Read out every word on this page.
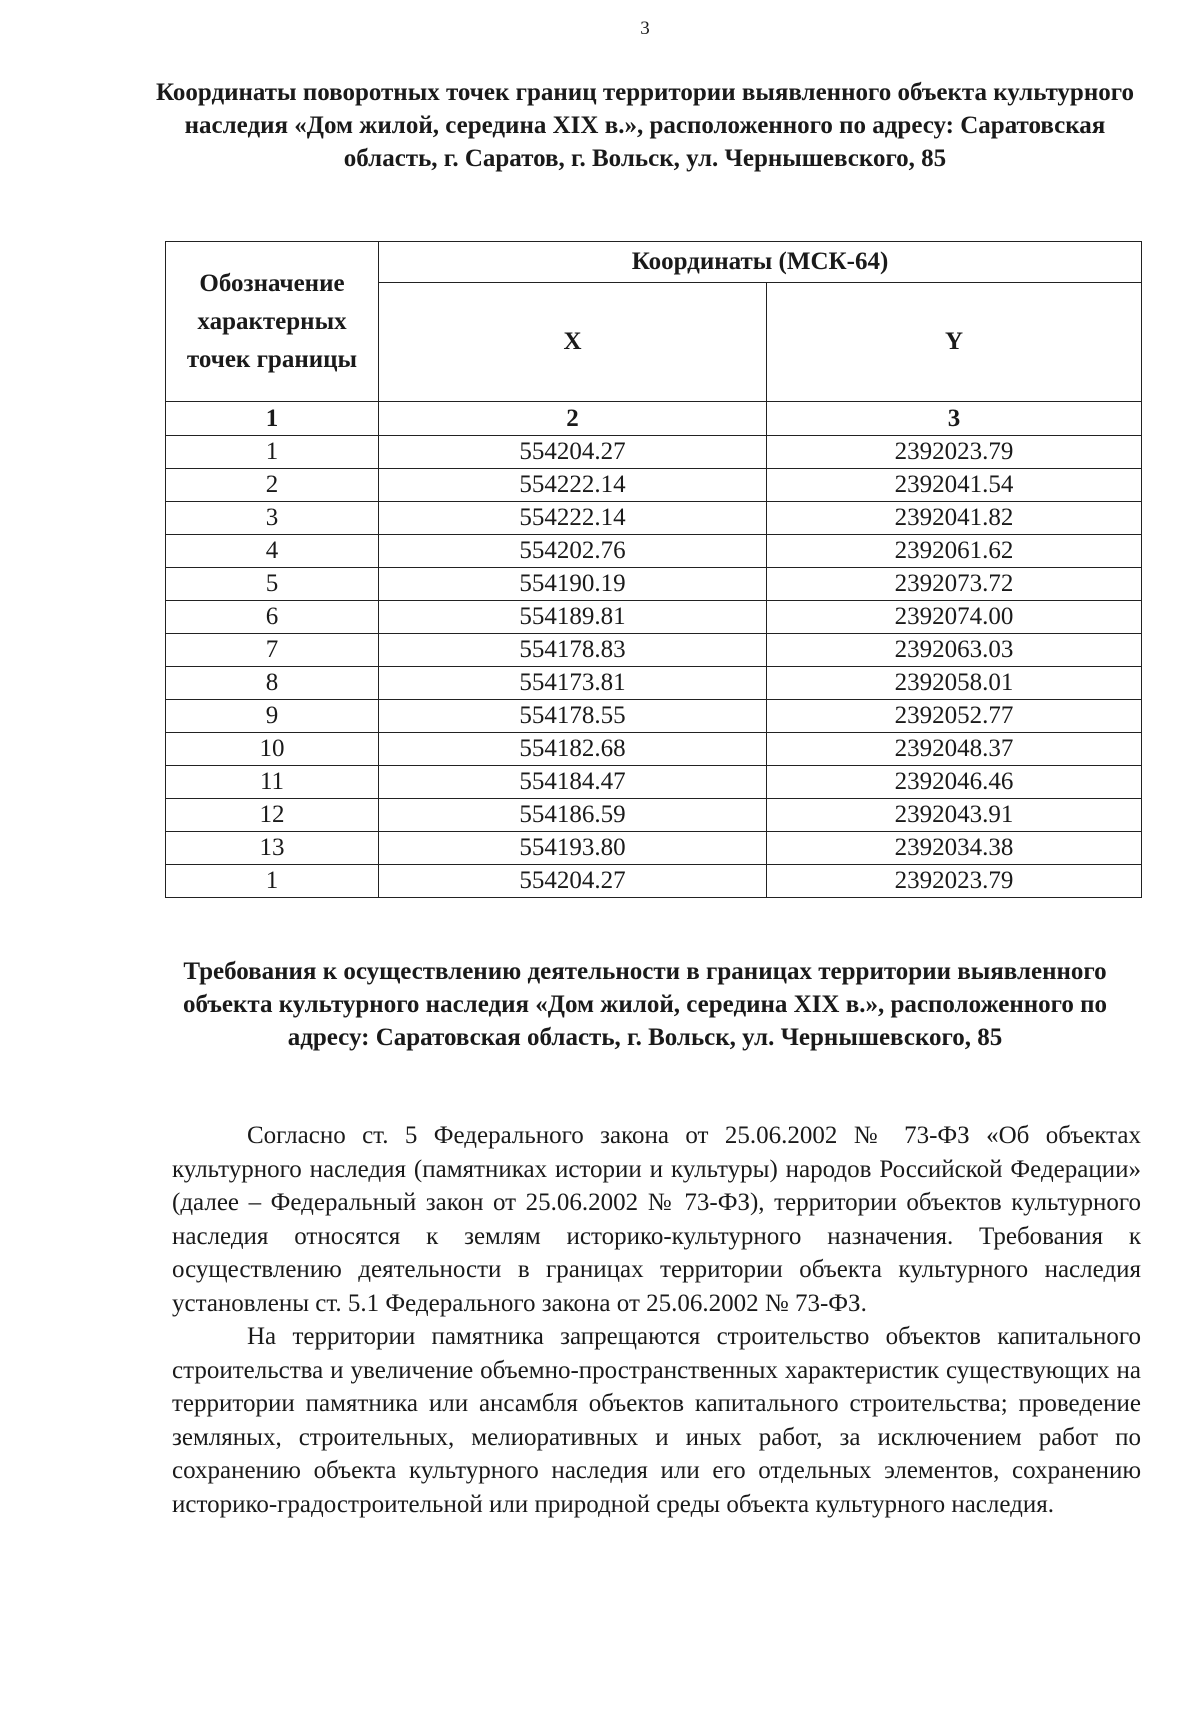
3
Координаты поворотных точек границ территории выявленного объекта культурного наследия «Дом жилой, середина XIX в.», расположенного по адресу: Саратовская область, г. Саратов, г. Вольск, ул. Чернышевского, 85
Обозначение характерных точек границы	Координаты (МСК-64)	
	X	Y
1	2	3
1	554204.27	2392023.79
2	554222.14	2392041.54
3	554222.14	2392041.82
4	554202.76	2392061.62
5	554190.19	2392073.72
6	554189.81	2392074.00
7	554178.83	2392063.03
8	554173.81	2392058.01
9	554178.55	2392052.77
10	554182.68	2392048.37
11	554184.47	2392046.46
12	554186.59	2392043.91
13	554193.80	2392034.38
1	554204.27	2392023.79
Требования к осуществлению деятельности в границах территории выявленного объекта культурного наследия «Дом жилой, середина XIX в.», расположенного по адресу: Саратовская область, г. Вольск, ул. Чернышевского, 85

Согласно ст. 5 Федерального закона от 25.06.2002 № 73-ФЗ «Об объектах культурного наследия (памятниках истории и культуры) народов Российской Федерации» (далее – Федеральный закон от 25.06.2002 № 73-ФЗ), территории объектов культурного наследия относятся к землям историко-культурного назначения. Требования к осуществлению деятельности в границах территории объекта культурного наследия установлены ст. 5.1 Федерального закона от 25.06.2002 № 73-ФЗ.

На территории памятника запрещаются строительство объектов капитального строительства и увеличение объемно-пространственных характеристик существующих на территории памятника или ансамбля объектов капитального строительства; проведение земляных, строительных, мелиоративных и иных работ, за исключением работ по сохранению объекта культурного наследия или его отдельных элементов, сохранению историко-градостроительной или природной среды объекта культурного наследия.
